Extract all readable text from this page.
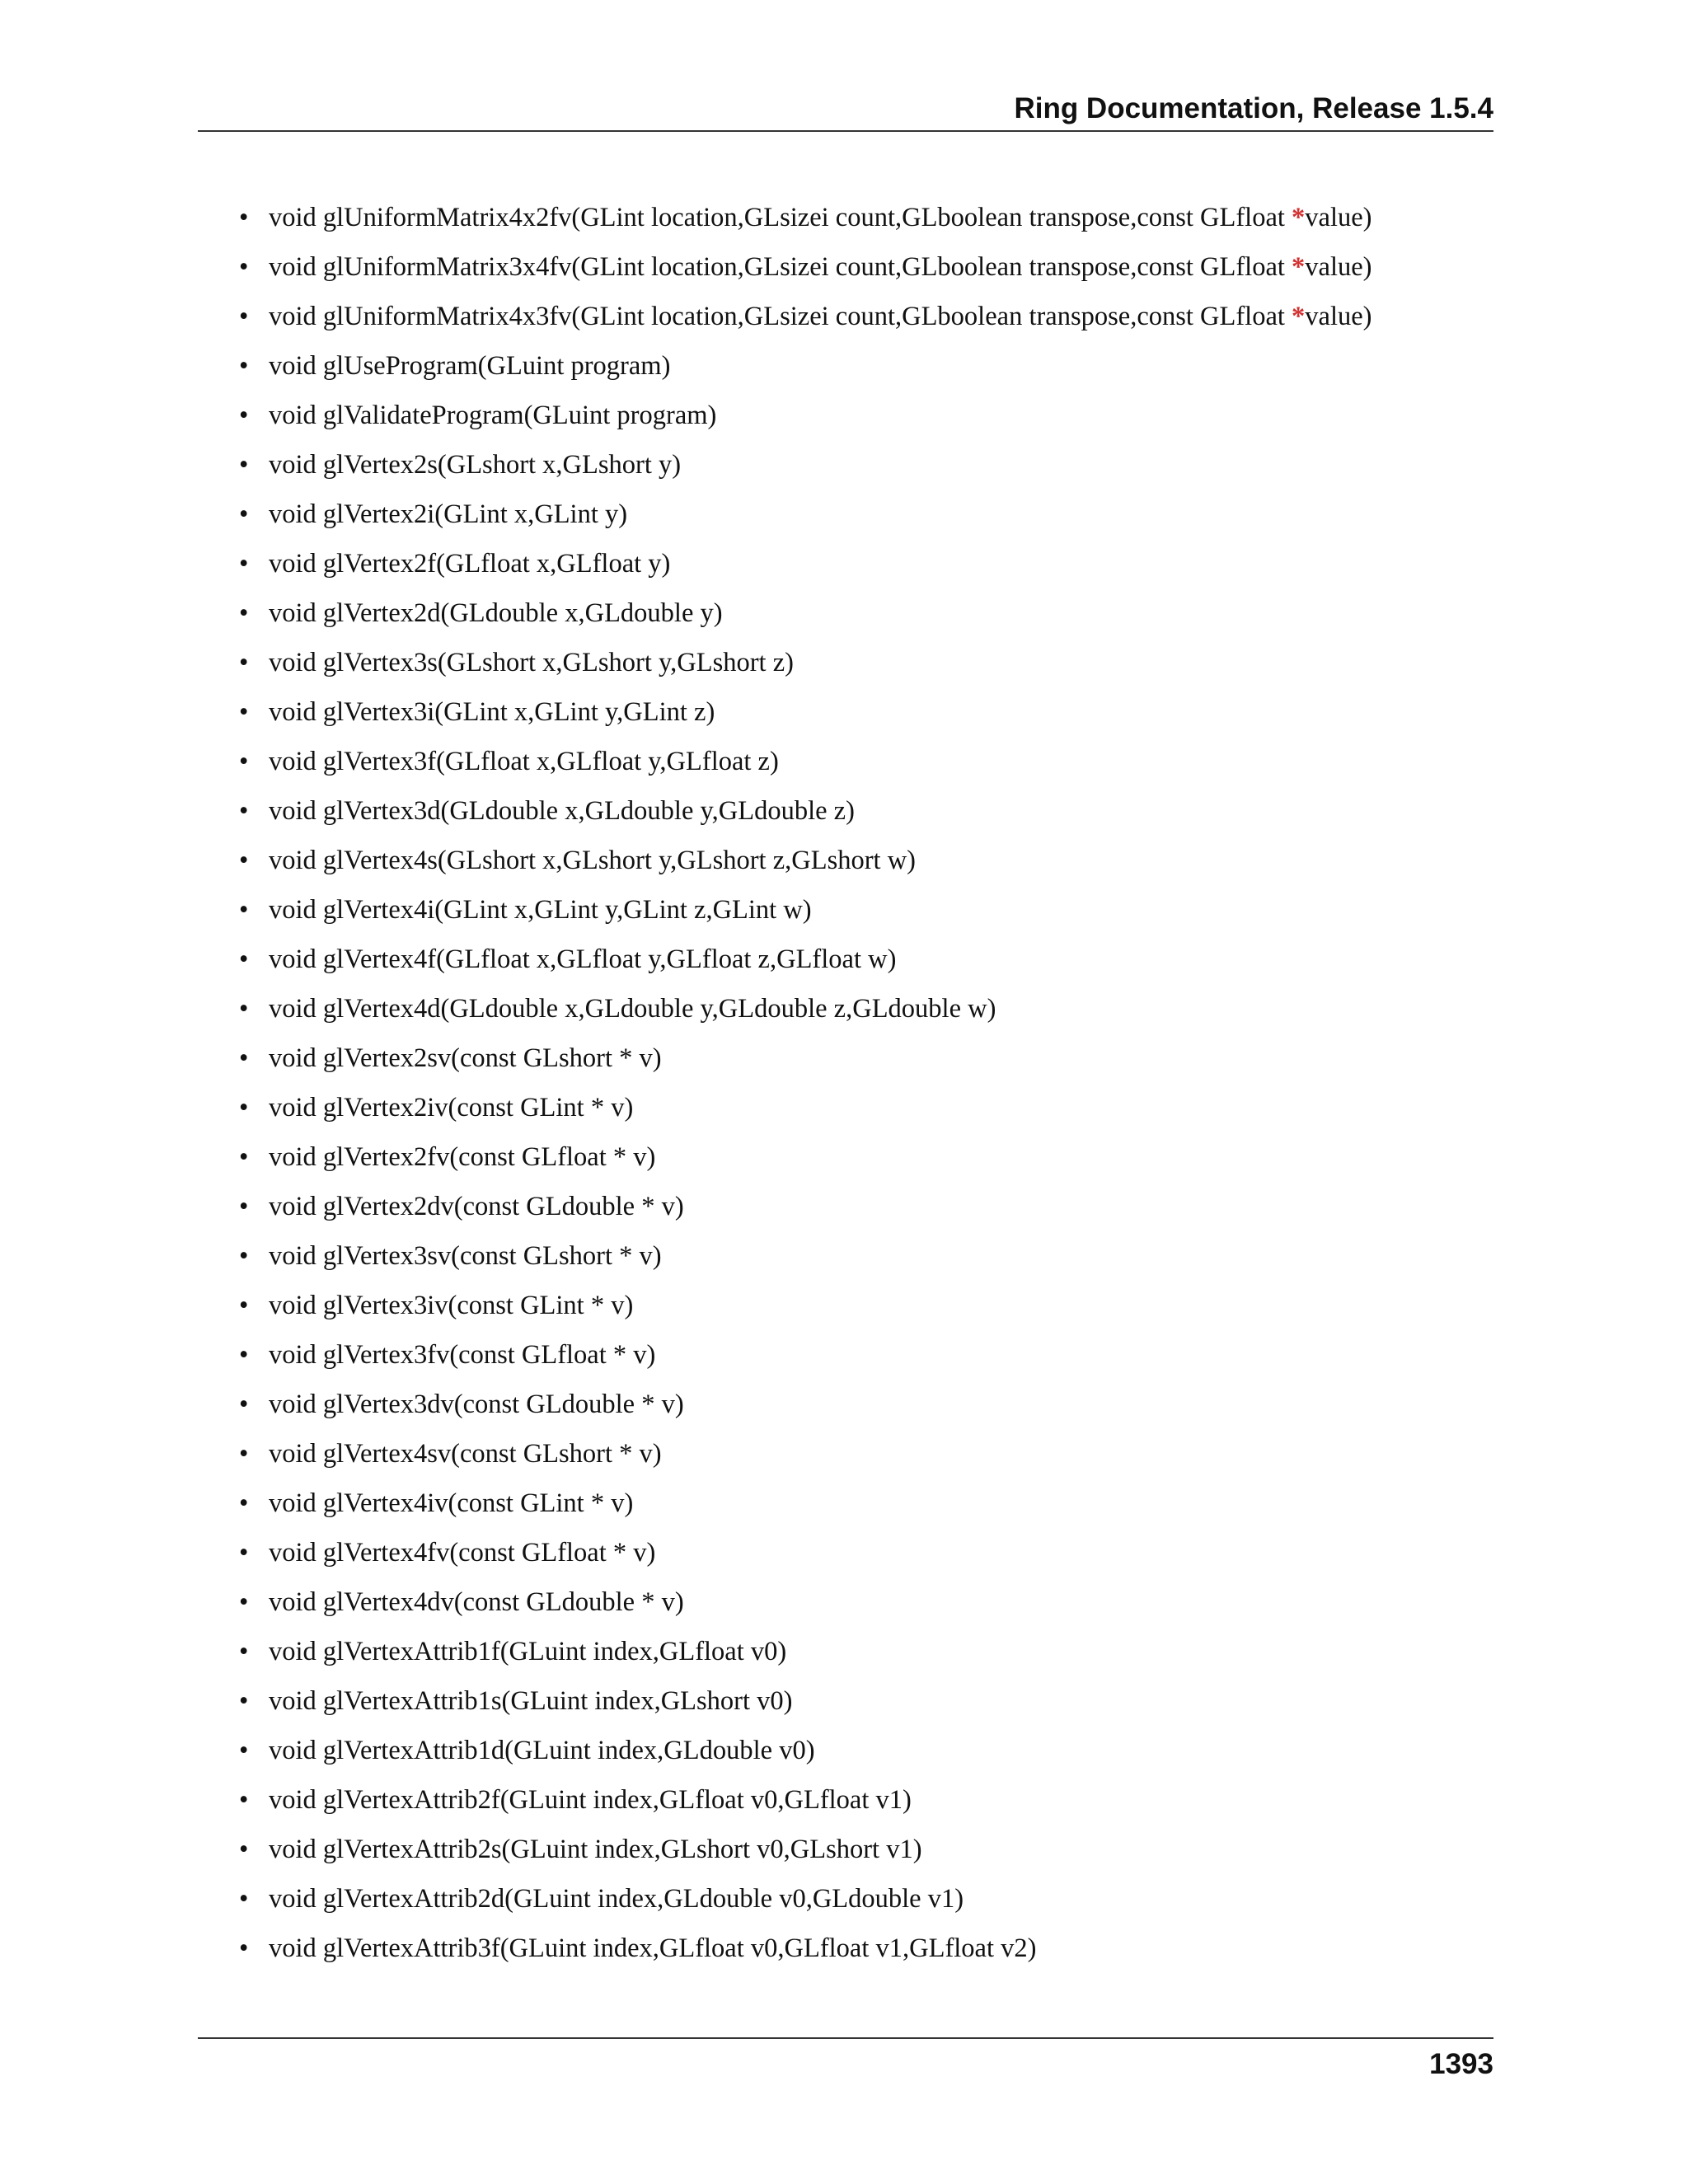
Ring Documentation, Release 1.5.4
• void glUniformMatrix4x2fv(GLint location,GLsizei count,GLboolean transpose,const GLfloat *value)
• void glUniformMatrix3x4fv(GLint location,GLsizei count,GLboolean transpose,const GLfloat *value)
• void glUniformMatrix4x3fv(GLint location,GLsizei count,GLboolean transpose,const GLfloat *value)
• void glUseProgram(GLuint program)
• void glValidateProgram(GLuint program)
• void glVertex2s(GLshort x,GLshort y)
• void glVertex2i(GLint x,GLint y)
• void glVertex2f(GLfloat x,GLfloat y)
• void glVertex2d(GLdouble x,GLdouble y)
• void glVertex3s(GLshort x,GLshort y,GLshort z)
• void glVertex3i(GLint x,GLint y,GLint z)
• void glVertex3f(GLfloat x,GLfloat y,GLfloat z)
• void glVertex3d(GLdouble x,GLdouble y,GLdouble z)
• void glVertex4s(GLshort x,GLshort y,GLshort z,GLshort w)
• void glVertex4i(GLint x,GLint y,GLint z,GLint w)
• void glVertex4f(GLfloat x,GLfloat y,GLfloat z,GLfloat w)
• void glVertex4d(GLdouble x,GLdouble y,GLdouble z,GLdouble w)
• void glVertex2sv(const GLshort * v)
• void glVertex2iv(const GLint * v)
• void glVertex2fv(const GLfloat * v)
• void glVertex2dv(const GLdouble * v)
• void glVertex3sv(const GLshort * v)
• void glVertex3iv(const GLint * v)
• void glVertex3fv(const GLfloat * v)
• void glVertex3dv(const GLdouble * v)
• void glVertex4sv(const GLshort * v)
• void glVertex4iv(const GLint * v)
• void glVertex4fv(const GLfloat * v)
• void glVertex4dv(const GLdouble * v)
• void glVertexAttrib1f(GLuint index,GLfloat v0)
• void glVertexAttrib1s(GLuint index,GLshort v0)
• void glVertexAttrib1d(GLuint index,GLdouble v0)
• void glVertexAttrib2f(GLuint index,GLfloat v0,GLfloat v1)
• void glVertexAttrib2s(GLuint index,GLshort v0,GLshort v1)
• void glVertexAttrib2d(GLuint index,GLdouble v0,GLdouble v1)
• void glVertexAttrib3f(GLuint index,GLfloat v0,GLfloat v1,GLfloat v2)
1393
